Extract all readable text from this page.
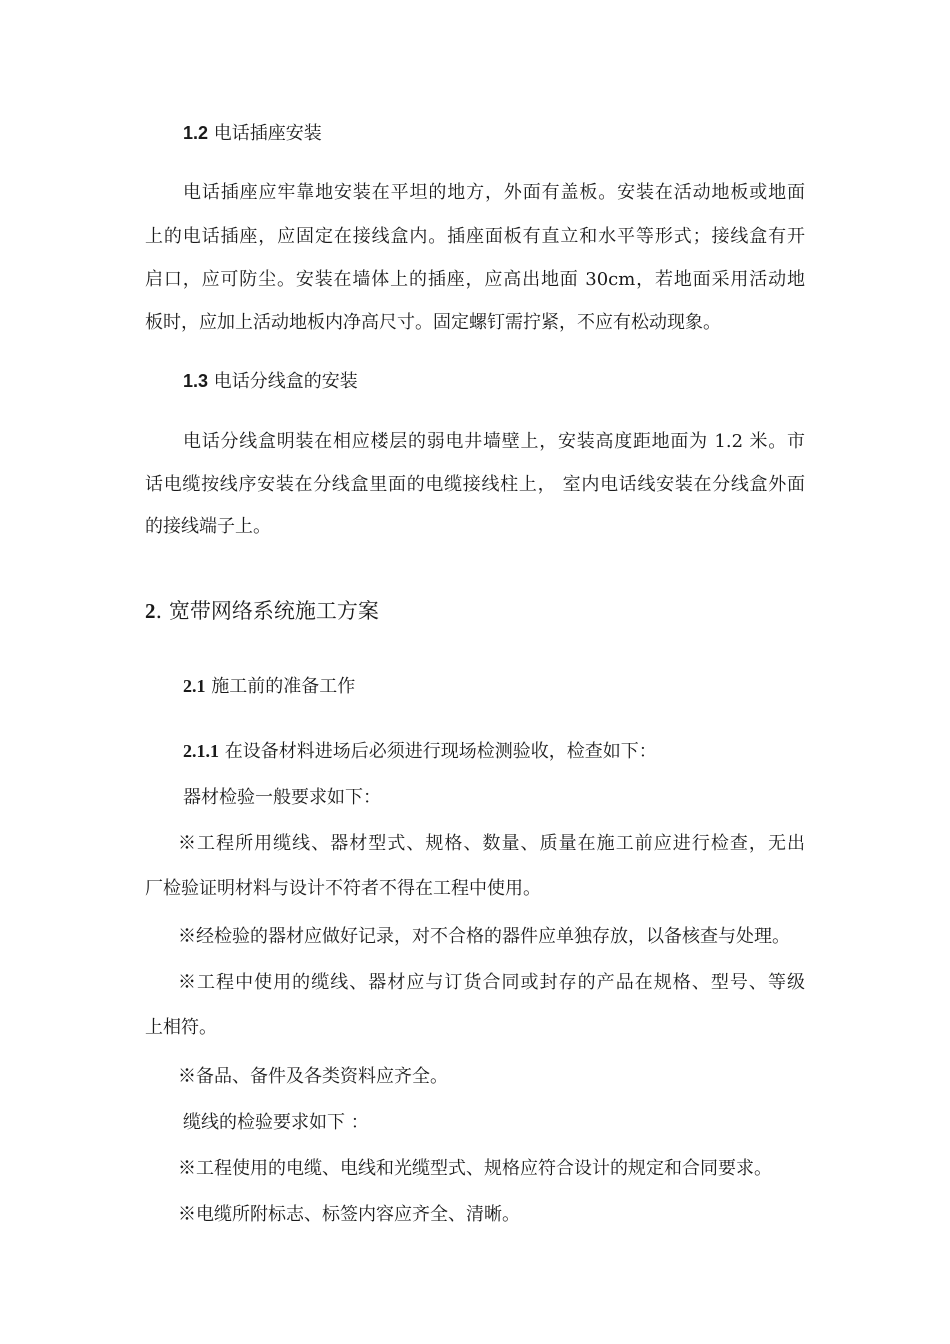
1.2 电话插座安装
电话插座应牢靠地安装在平坦的地方，外面有盖板。安装在活动地板或地面
上的电话插座，应固定在接线盒内。插座面板有直立和水平等形式；接线盒有开
启口，应可防尘。安装在墙体上的插座，应高出地面 30cm，若地面采用活动地
板时，应加上活动地板内净高尺寸。固定螺钉需拧紧，不应有松动现象。
1.3 电话分线盒的安装
电话分线盒明装在相应楼层的弱电井墙壁上，安装高度距地面为 1.2 米。市
话电缆按线序安装在分线盒里面的电缆接线柱上， 室内电话线安装在分线盒外面
的接线端子上。
2. 宽带网络系统施工方案
2.1 施工前的准备工作
2.1.1 在设备材料进场后必须进行现场检测验收，检查如下：
器材检验一般要求如下：
※工程所用缆线、器材型式、规格、数量、质量在施工前应进行检查，无出
厂检验证明材料与设计不符者不得在工程中使用。
※经检验的器材应做好记录，对不合格的器件应单独存放，以备核查与处理。
※工程中使用的缆线、器材应与订货合同或封存的产品在规格、型号、等级
上相符。
※备品、备件及各类资料应齐全。
缆线的检验要求如下 ：
※工程使用的电缆、电线和光缆型式、规格应符合设计的规定和合同要求。
※电缆所附标志、标签内容应齐全、清晰。
